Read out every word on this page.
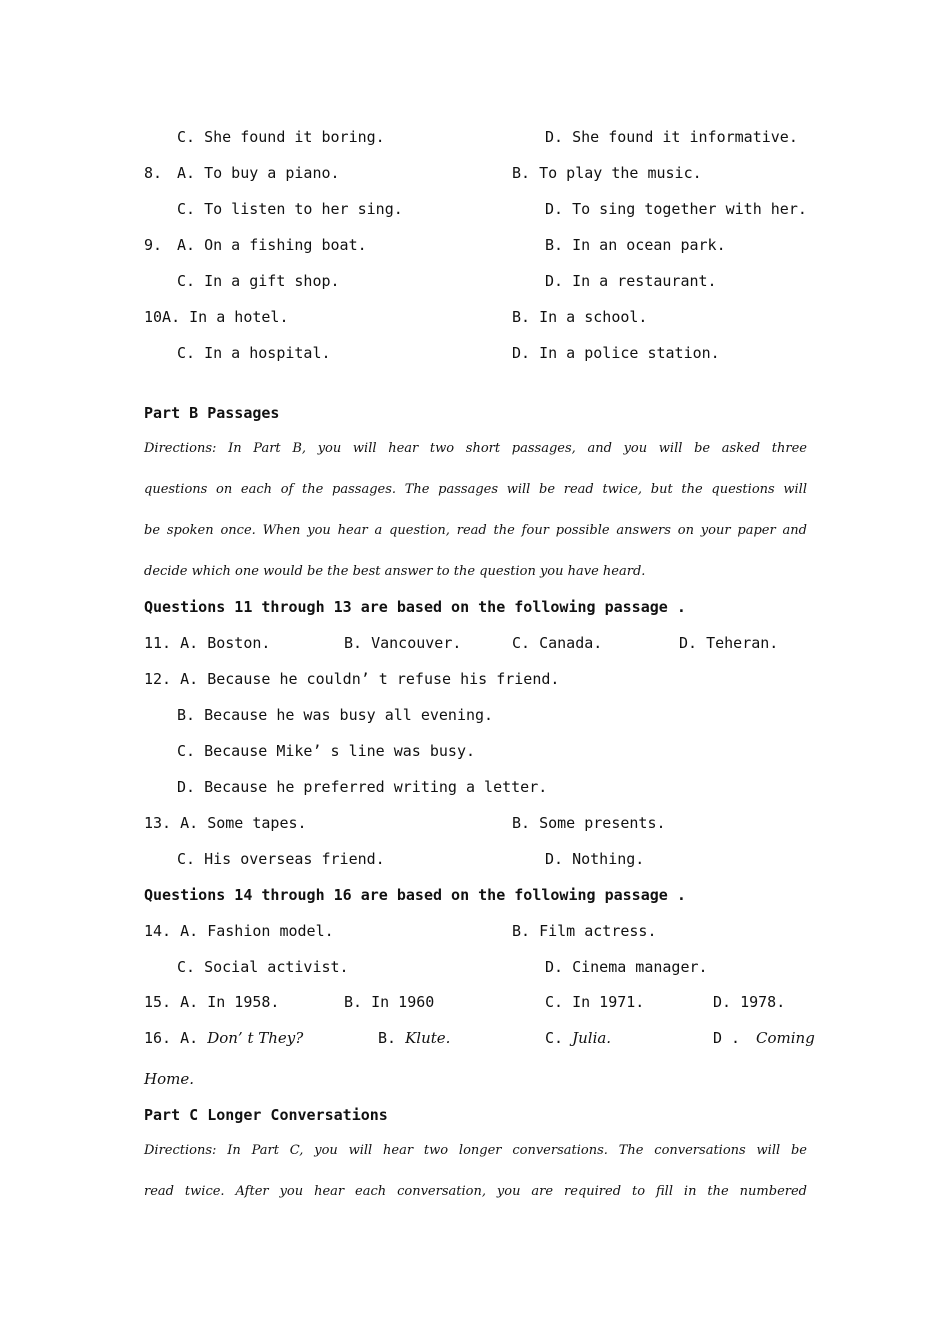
C. She found it boring.	D. She found it informative.
8. A. To buy a piano.	B. To play the music.
C. To listen to her sing.	D. To sing together with her.
9. A. On a fishing boat.	B. In an ocean park.
C. In a gift shop.	D. In a restaurant.
10A. In a hotel.	B. In a school.
C. In a hospital.	D. In a police station.
Part B Passages
Directions: In Part B, you will hear two short passages, and you will be asked three
questions on each of the passages. The passages will be read twice, but the questions will
be spoken once. When you hear a question, read the four possible answers on your paper and
decide which one would be the best answer to the question you have heard.
Questions 11 through 13 are based on the following passage .
11. A. Boston.	B. Vancouver.	C. Canada.	D. Teheran.
12. A. Because he couldn’ t refuse his friend.
B. Because he was busy all evening.
C. Because Mike’ s line was busy.
D. Because he preferred writing a letter.
13. A. Some tapes.	B. Some presents.
C. His overseas friend.	D. Nothing.
Questions 14 through 16 are based on the following passage .
14. A. Fashion model.	B. Film actress.
C. Social activist.	D. Cinema manager.
15. A. In 1958.	B. In 1960	C. In 1971.	D. 1978.
16. A. Don’ t They?	B. Klute.	C. Julia.	D . Coming
Home.
Part C Longer Conversations
Directions: In Part C, you will hear two longer conversations. The conversations will be
read twice. After you hear each conversation, you are required to fill in the numbered
